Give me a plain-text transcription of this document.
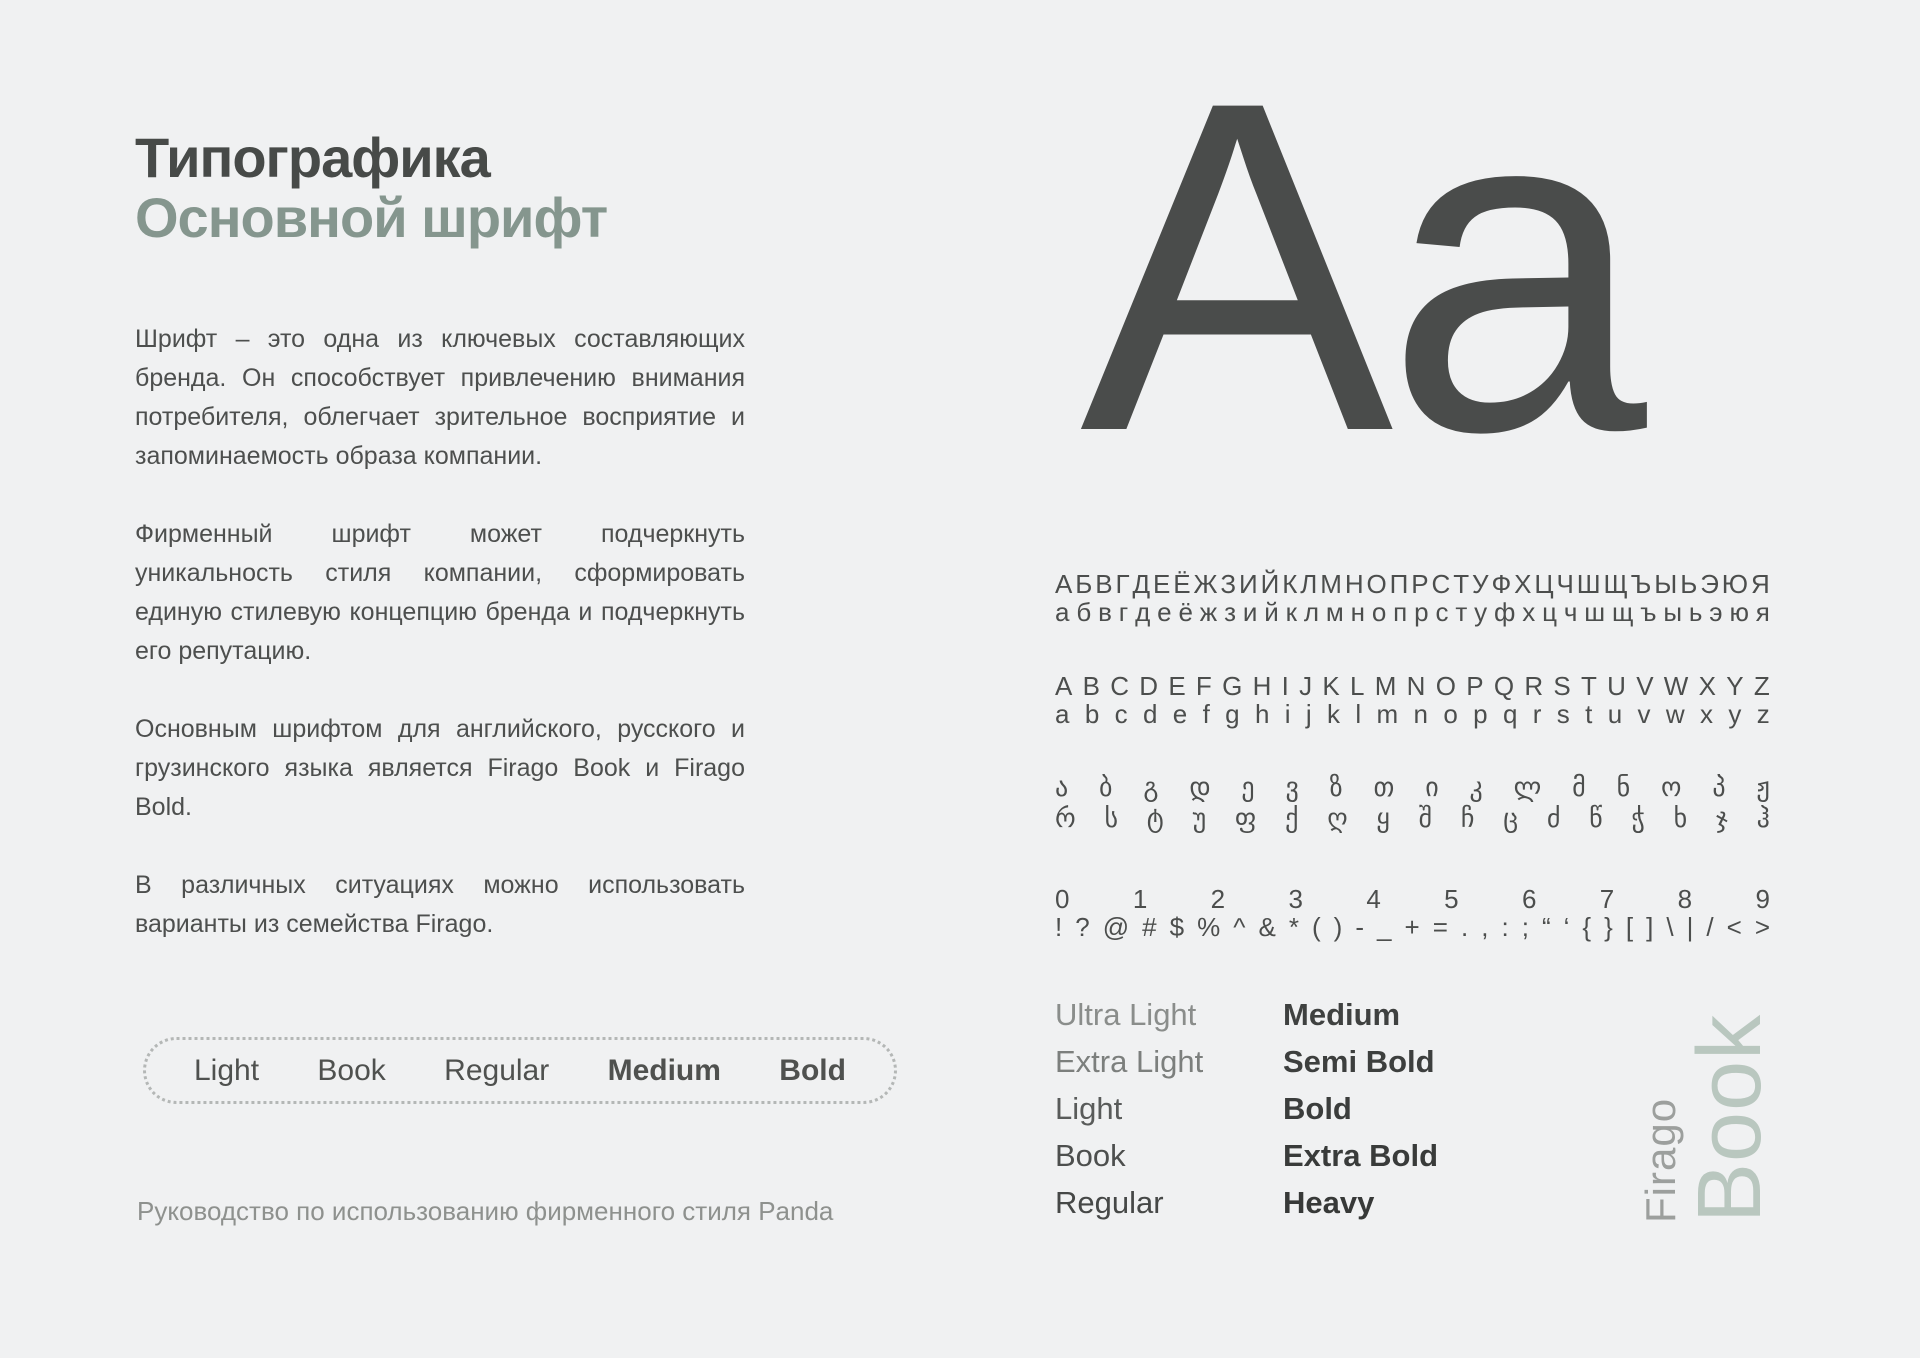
Типографика
Основной шрифт

Шрифт – это одна из ключевых составляющих бренда. Он способствует привлечению внимания потребителя, облегчает зрительное восприятие и запоминаемость образа компании.

Фирменный шрифт может подчеркнуть уникальность стиля компании, сформировать единую стилевую концепцию бренда и подчеркнуть его репутацию.

Основным шрифтом для английского, русского и грузинского языка является Firago Book и Firago Bold.

В различных ситуациях можно использовать варианты из семейства Firago.

Light Book Regular Medium Bold
Руководство по использованию фирменного стиля Panda
Aa
А Б В Г Д Е Ё Ж З И Й К Л М Н О П Р С Т У Ф Х Ц Ч Ш Щ Ъ Ы Ь Э Ю Я
а б в г д е ё ж з и й к л м н о п р с т у ф х ц ч ш щ ъ ы ь э ю я
A B C D E F G H I J K L M N O P Q R S T U V W X Y Z
a b c d e f g h i j k l m n o p q r s t u v w x y z
ა ბ გ დ ე ვ ზ თ ი კ ლ მ ნ ო პ ჟ
რ ს ტ უ ფ ქ ღ ყ შ ჩ ც ძ წ ჭ ხ ჯ ჰ
0 1 2 3 4 5 6 7 8 9
! ? @ # $ % ^ & * ( ) - _ + = . , : ; “ ‘ { } [ ] \ | / < >
Ultra Light
Extra Light
Light
Book
Regular
Medium
Semi Bold
Bold
Extra Bold
Heavy	Firago
Book
